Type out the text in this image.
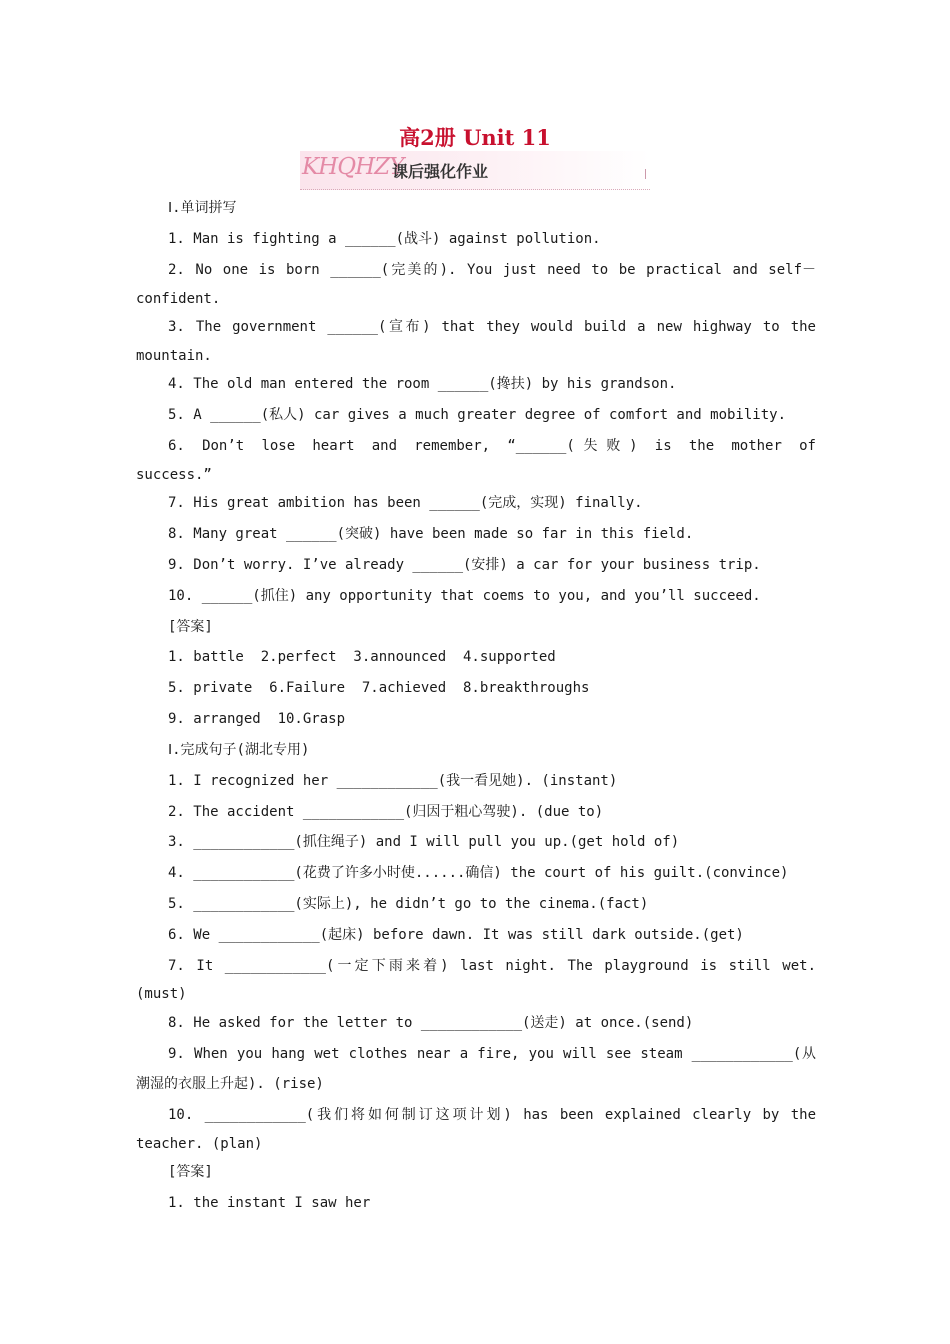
高2册 Unit 11
KHQHZY
课后强化作业
Ⅰ.单词拼写
1. Man is fighting a ______(战斗) against pollution.
2. No one is born ______(完美的). You just need to be practical and self－
confident.
3. The government ______(宣布) that they would build a new highway to the
mountain.
4. The old man entered the room ______(搀扶) by his grandson.
5. A ______(私人) car gives a much greater degree of comfort and mobility.
6. Don’t lose heart and remember, “______(失败) is the mother of
success.”
7. His great ambition has been ______(完成，实现) finally.
8. Many great ______(突破) have been made so far in this field.
9. Don’t worry. I’ve already ______(安排) a car for your business trip.
10. ______(抓住) any opportunity that coems to you, and you’ll succeed.
[答案]
1. battle  2.perfect  3.announced  4.supported
5. private  6.Failure  7.achieved  8.breakthroughs
9. arranged  10.Grasp
Ⅰ.完成句子(湖北专用)
1. I recognized her ____________(我一看见她). (instant)
2. The accident ____________(归因于粗心驾驶). (due to)
3. ____________(抓住绳子) and I will pull you up.(get hold of)
4. ____________(花费了许多小时使......确信) the court of his guilt.(convince)
5. ____________(实际上), he didn’t go to the cinema.(fact)
6. We ____________(起床) before dawn. It was still dark outside.(get)
7. It ____________(一定下雨来着) last night. The playground is still wet.
(must)
8. He asked for the letter to ____________(送走) at once.(send)
9. When you hang wet clothes near a fire, you will see steam ____________(从
潮湿的衣服上升起). (rise)
10. ____________(我们将如何制订这项计划) has been explained clearly by the
teacher. (plan)
[答案]
1. the instant I saw her
